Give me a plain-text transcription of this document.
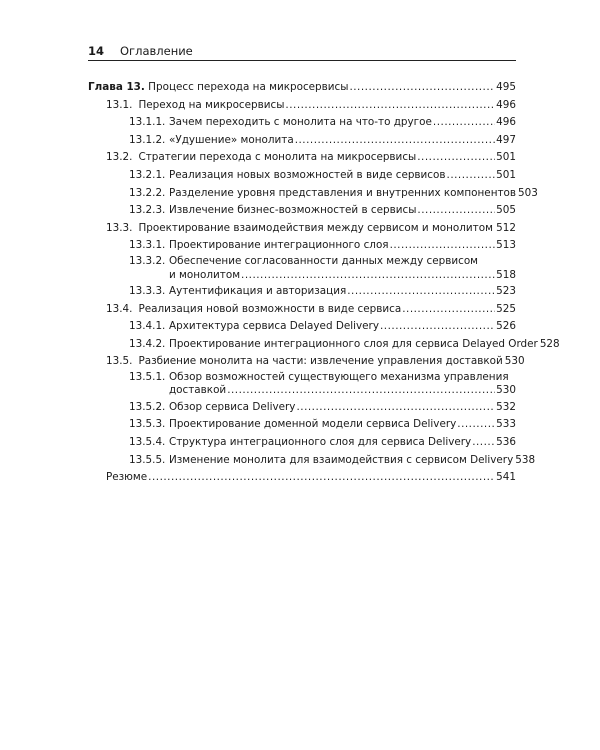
14 Оглавление
Глава 13. Процесс перехода на микросервисы .....	495
13.1. Переход на микросервисы .....	496
13.1.1. Зачем переходить с монолита на что-то другое .....	496
13.1.2. «Удушение» монолита .....	497
13.2. Стратегии перехода с монолита на микросервисы .....	501
13.2.1. Реализация новых возможностей в виде сервисов .....	501
13.2.2. Разделение уровня представления и внутренних компонентов 503
13.2.3. Извлечение бизнес-возможностей в сервисы .....	505
13.3. Проектирование взаимодействия между сервисом и монолитом ..... 512
13.3.1. Проектирование интеграционного слоя .....	513
13.3.2. Обеспечение согласованности данных между сервисом
и монолитом .....	518
13.3.3. Аутентификация и авторизация .....	523
13.4. Реализация новой возможности в виде сервиса .....	525
13.4.1. Архитектура сервиса Delayed Delivery .....	526
13.4.2. Проектирование интеграционного слоя для сервиса Delayed Order 528
13.5. Разбиение монолита на части: извлечение управления доставкой 530
13.5.1. Обзор возможностей существующего механизма управления
доставкой .....	530
13.5.2. Обзор сервиса Delivery .....	532
13.5.3. Проектирование доменной модели сервиса Delivery .....	533
13.5.4. Структура интеграционного слоя для сервиса Delivery ..... 536
13.5.5. Изменение монолита для взаимодействия с сервисом Delivery 538
Резюме .....	541
